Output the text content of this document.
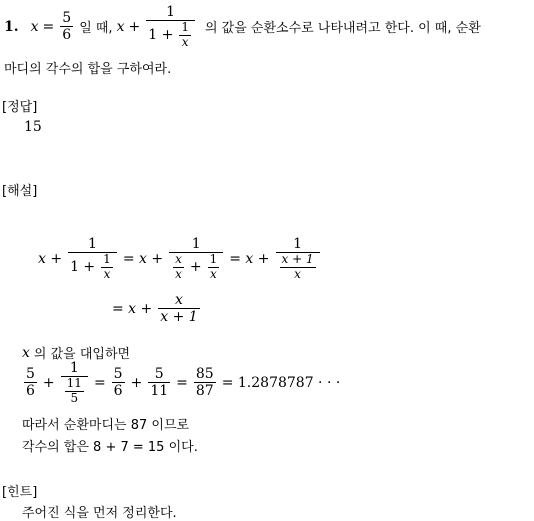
1. $x = \frac{5}{6}$ 일 때, $x + \frac{1}{1 + \frac{1}{x}}$ 의 값을 순환소수로 나타내려고 한다. 이 때, 순환
마디의 각수의 합을 구하여라.
[정답]
15
[해설]
$x + \frac{1}{1 + \frac{1}{x}} = x$ +
1
$\frac{x}{x} + \frac{1}{x} = x + \frac{1}{\frac{x + 1}{x}}$
= $x + \frac{x}{x + 1}$
x 의 값을 대입하면
$\frac{5}{6} + \frac{1}{\frac{11}{5}} = \frac{5}{6} + \frac{5}{11} = \frac{85}{87} = 1.2878787$ · · ·
따라서 순환마디는 87 이므로
각수의 합은 8 + 7 = 15 이다.
[힌트]
주어진 식을 먼저 정리한다.
